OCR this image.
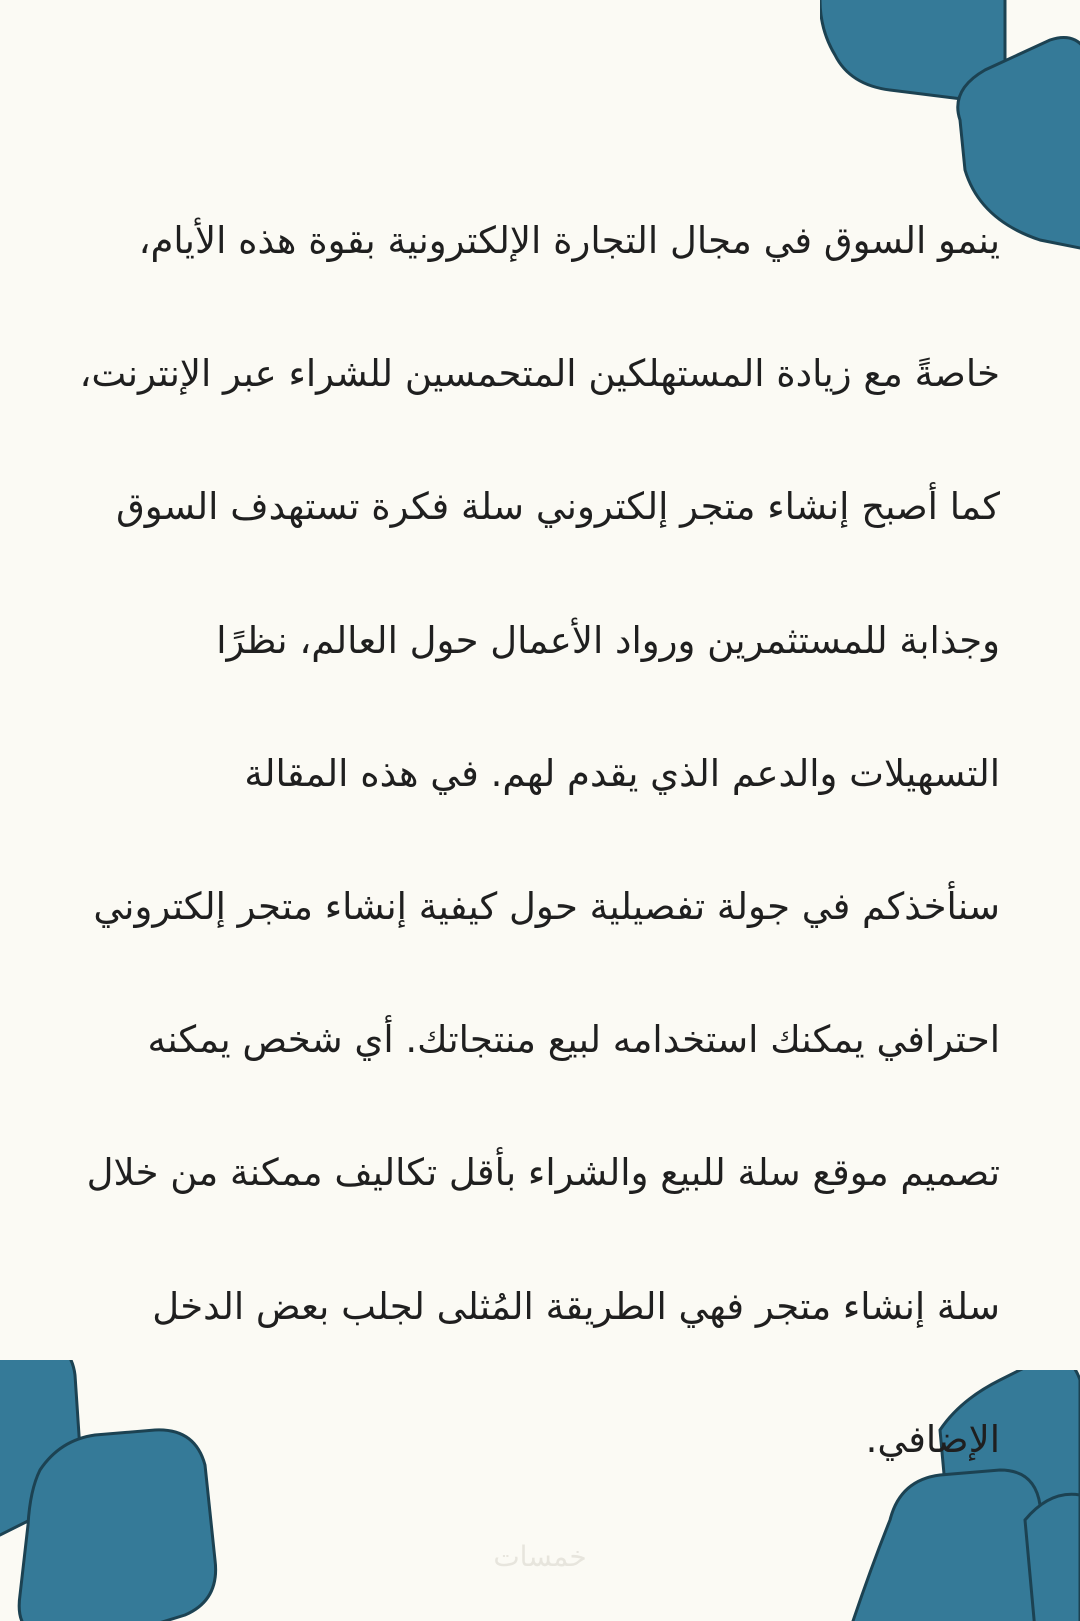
ينمو السوق في مجال التجارة الإلكترونية بقوة هذه الأيام،
خاصةً مع زيادة المستهلكين المتحمسين للشراء عبر الإنترنت،
كما أصبح إنشاء متجر إلكتروني سلة فكرة تستهدف السوق
وجذابة للمستثمرين ورواد الأعمال حول العالم، نظرًا
التسهيلات والدعم الذي يقدم لهم. في هذه المقالة
سنأخذكم في جولة تفصيلية حول كيفية إنشاء متجر إلكتروني
احترافي يمكنك استخدامه لبيع منتجاتك. أي شخص يمكنه
تصميم موقع سلة للبيع والشراء بأقل تكاليف ممكنة من خلال
سلة إنشاء متجر فهي الطريقة المُثلى لجلب بعض الدخل
الإضافي.
خمسات
